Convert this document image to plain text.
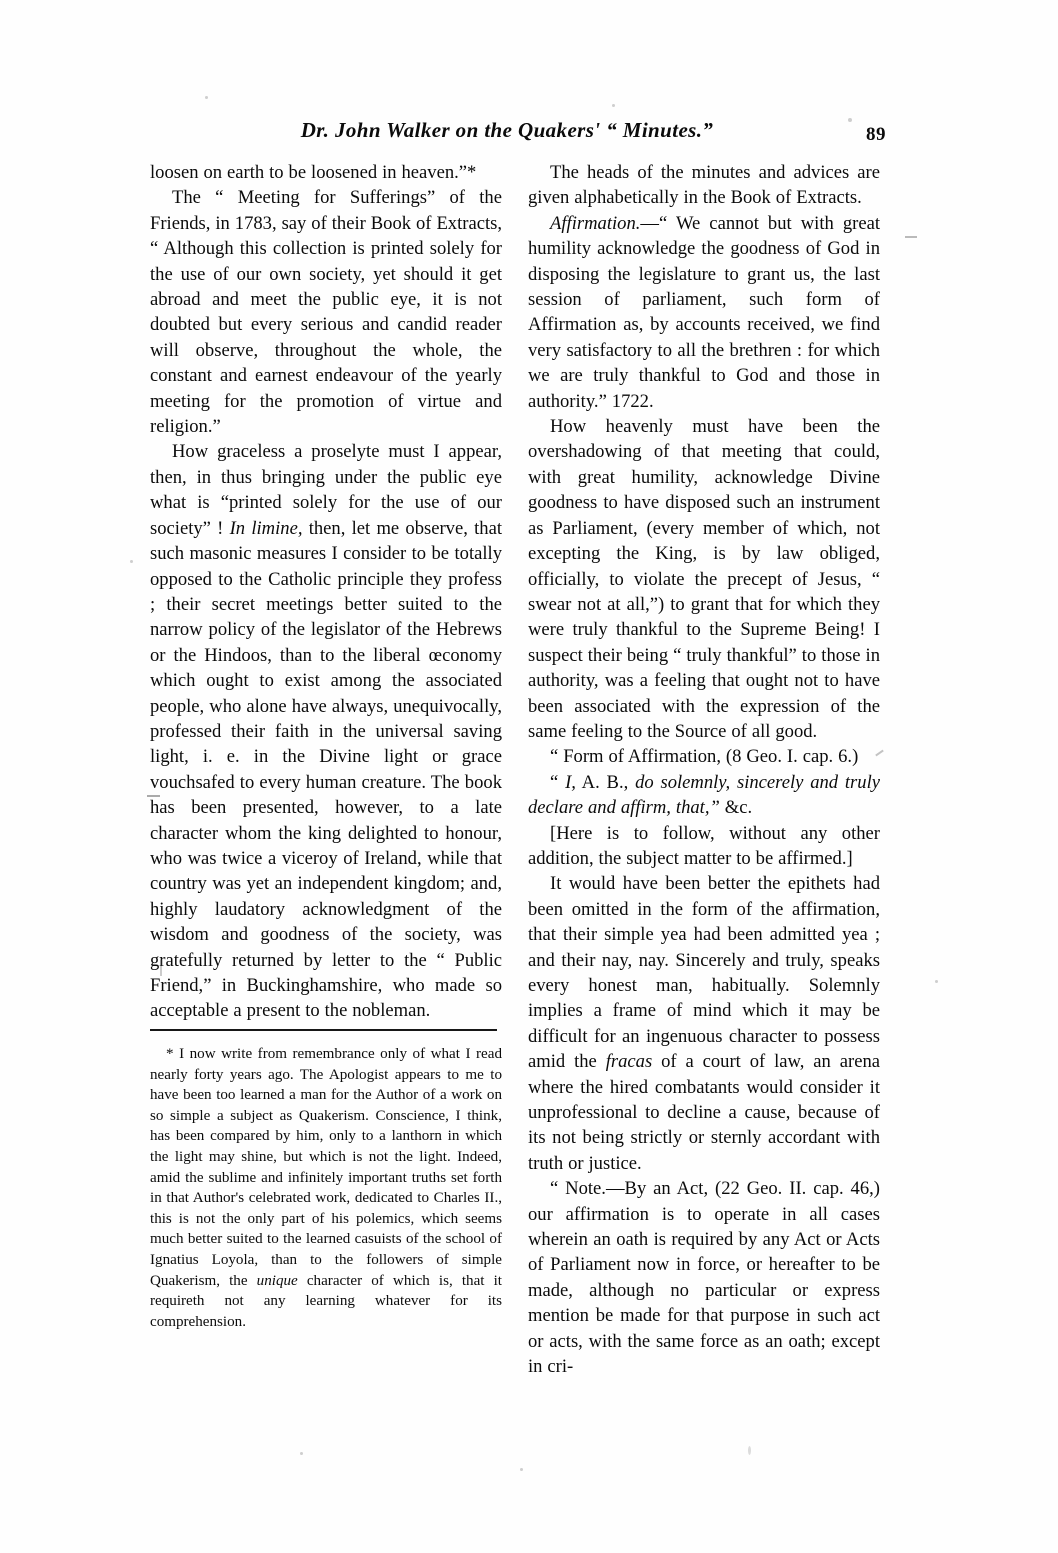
Dr. John Walker on the Quakers' “ Minutes.”	89

loosen on earth to be loosened in heaven.”*

The “ Meeting for Sufferings” of the Friends, in 1783, say of their Book of Extracts, “ Although this collection is printed solely for the use of our own society, yet should it get abroad and meet the public eye, it is not doubted but every serious and candid reader will observe, throughout the whole, the constant and earnest endeavour of the yearly meeting for the promotion of virtue and religion.”

How graceless a proselyte must I appear, then, in thus bringing under the public eye what is “printed solely for the use of our society” ! In limine, then, let me observe, that such masonic measures I consider to be totally opposed to the Catholic principle they profess ; their secret meetings better suited to the narrow policy of the legislator of the Hebrews or the Hindoos, than to the liberal œconomy which ought to exist among the associated people, who alone have always, unequivocally, professed their faith in the universal saving light, i. e. in the Divine light or grace vouchsafed to every human creature. The book has been presented, however, to a late character whom the king delighted to honour, who was twice a viceroy of Ireland, while that country was yet an independent kingdom; and, highly laudatory acknowledgment of the wisdom and goodness of the society, was gratefully returned by letter to the “ Public Friend,” in Buckinghamshire, who made so acceptable a present to the nobleman.

The heads of the minutes and advices are given alphabetically in the Book of Extracts.

Affirmation.—“ We cannot but with great humility acknowledge the goodness of God in disposing the legislature to grant us, the last session of parliament, such form of Affirmation as, by accounts received, we find very satisfactory to all the brethren : for which we are truly thankful to God and those in authority.” 1722.

How heavenly must have been the overshadowing of that meeting that could, with great humility, acknowledge Divine goodness to have disposed such an instrument as Parliament, (every member of which, not excepting the King, is by law obliged, officially, to violate the precept of Jesus, “ swear not at all,”) to grant that for which they were truly thankful to the Supreme Being! I suspect their being “ truly thankful” to those in authority, was a feeling that ought not to have been associated with the expression of the same feeling to the Source of all good.

“ Form of Affirmation, (8 Geo. I. cap. 6.)

“ I, A. B., do solemnly, sincerely and truly declare and affirm, that,” &c.

[Here is to follow, without any other addition, the subject matter to be affirmed.]

It would have been better the epithets had been omitted in the form of the affirmation, that their simple yea had been admitted yea ; and their nay, nay. Sincerely and truly, speaks every honest man, habitually. Solemnly implies a frame of mind which it may be difficult for an ingenuous character to possess amid the fracas of a court of law, an arena where the hired combatants would consider it unprofessional to decline a cause, because of its not being strictly or sternly accordant with truth or justice.

“ Note.—By an Act, (22 Geo. II. cap. 46,) our affirmation is to operate in all cases wherein an oath is required by any Act or Acts of Parliament now in force, or hereafter to be made, although no particular or express mention be made for that purpose in such act or acts, with the same force as an oath; except in cri-

* I now write from remembrance only of what I read nearly forty years ago. The Apologist appears to me to have been too learned a man for the Author of a work on so simple a subject as Quakerism. Conscience, I think, has been compared by him, only to a lanthorn in which the light may shine, but which is not the light. Indeed, amid the sublime and infinitely important truths set forth in that Author's celebrated work, dedicated to Charles II., this is not the only part of his polemics, which seems much better suited to the learned casuists of the school of Ignatius Loyola, than to the followers of simple Quakerism, the unique character of which is, that it requireth not any learning whatever for its comprehension.
